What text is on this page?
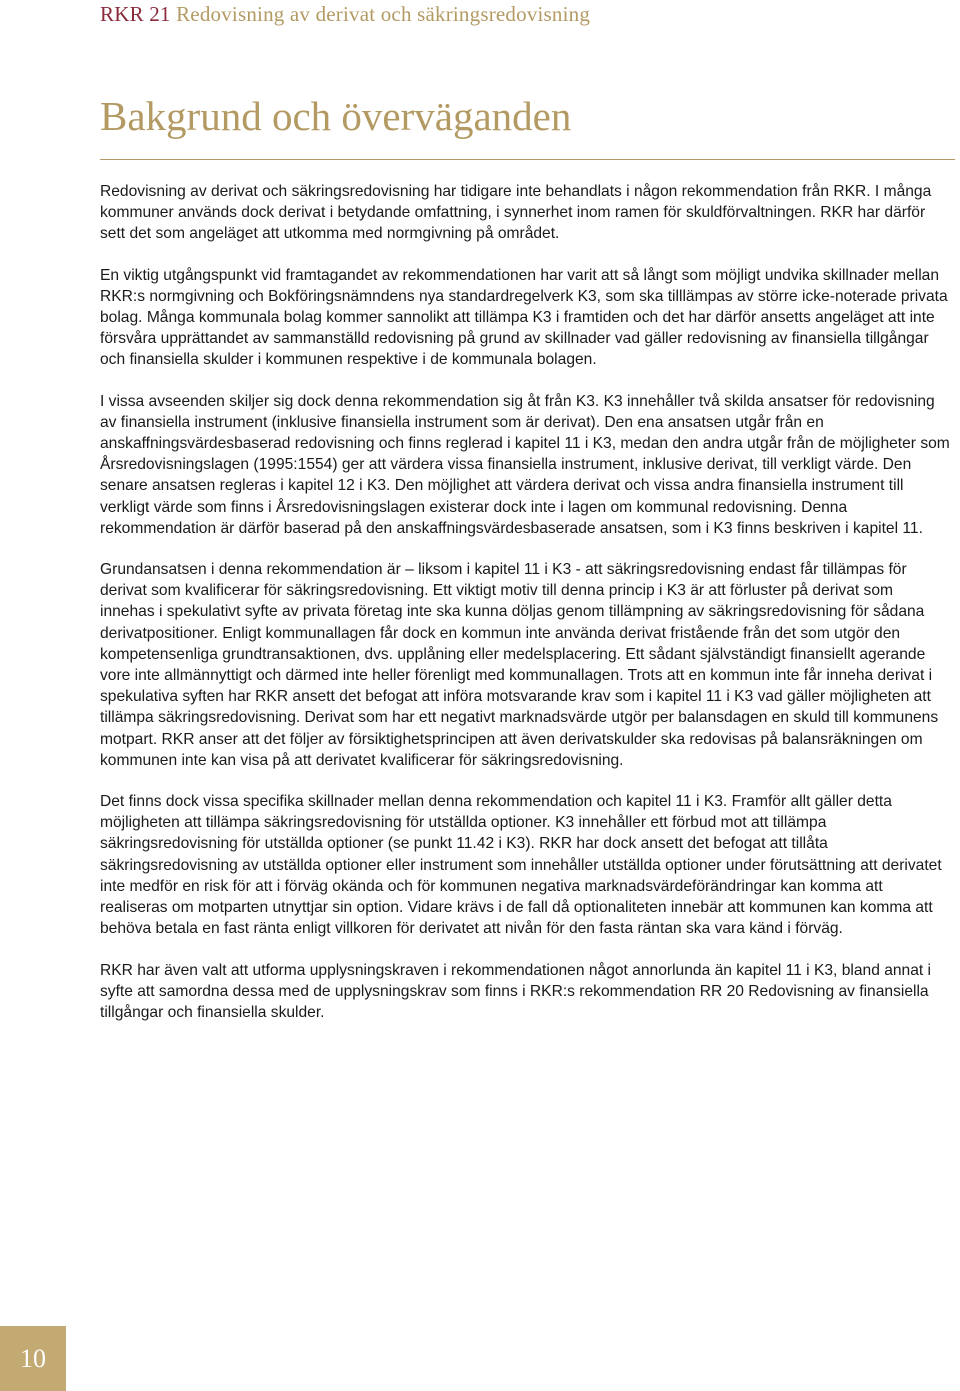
RKR 21 Redovisning av derivat och säkringsredovisning
Bakgrund och överväganden

Redovisning av derivat och säkringsredovisning har tidigare inte behandlats i någon rekommendation från RKR. I många kommuner används dock derivat i betydande omfattning, i synnerhet inom ramen för skuldförvaltningen. RKR har därför sett det som angeläget att utkomma med normgivning på området.

En viktig utgångspunkt vid framtagandet av rekommendationen har varit att så långt som möjligt undvika skillnader mellan RKR:s normgivning och Bokföringsnämndens nya standardregelverk K3, som ska tilllämpas av större icke-noterade privata bolag. Många kommunala bolag kommer sannolikt att tillämpa K3 i framtiden och det har därför ansetts angeläget att inte försvåra upprättandet av sammanställd redovisning på grund av skillnader vad gäller redovisning av finansiella tillgångar och finansiella skulder i kommunen respektive i de kommunala bolagen.

I vissa avseenden skiljer sig dock denna rekommendation sig åt från K3. K3 innehåller två skilda ansatser för redovisning av finansiella instrument (inklusive finansiella instrument som är derivat). Den ena ansatsen utgår från en anskaffningsvärdesbaserad redovisning och finns reglerad i kapitel 11 i K3, medan den andra utgår från de möjligheter som Årsredovisningslagen (1995:1554) ger att värdera vissa finansiella instrument, inklusive derivat, till verkligt värde. Den senare ansatsen regleras i kapitel 12 i K3. Den möjlighet att värdera derivat och vissa andra finansiella instrument till verkligt värde som finns i Årsredovisningslagen existerar dock inte i lagen om kommunal redovisning. Denna rekommendation är därför baserad på den anskaffningsvärdesbaserade ansatsen, som i K3 finns beskriven i kapitel 11.

Grundansatsen i denna rekommendation är – liksom i kapitel 11 i K3 - att säkringsredovisning endast får tillämpas för derivat som kvalificerar för säkringsredovisning. Ett viktigt motiv till denna princip i K3 är att förluster på derivat som innehas i spekulativt syfte av privata företag inte ska kunna döljas genom tillämpning av säkringsredovisning för sådana derivatpositioner. Enligt kommunallagen får dock en kommun inte använda derivat fristående från det som utgör den kompetensenliga grundtransaktionen, dvs. upplåning eller medelsplacering. Ett sådant självständigt finansiellt agerande vore inte allmännyttigt och därmed inte heller förenligt med kommunallagen. Trots att en kommun inte får inneha derivat i spekulativa syften har RKR ansett det befogat att införa motsvarande krav som i kapitel 11 i K3 vad gäller möjligheten att tillämpa säkringsredovisning. Derivat som har ett negativt marknadsvärde utgör per balansdagen en skuld till kommunens motpart. RKR anser att det följer av försiktighetsprincipen att även derivatskulder ska redovisas på balansräkningen om kommunen inte kan visa på att derivatet kvalificerar för säkringsredovisning.

Det finns dock vissa specifika skillnader mellan denna rekommendation och kapitel 11 i K3. Framför allt gäller detta möjligheten att tillämpa säkringsredovisning för utställda optioner. K3 innehåller ett förbud mot att tillämpa säkringsredovisning för utställda optioner (se punkt 11.42 i K3). RKR har dock ansett det befogat att tillåta säkringsredovisning av utställda optioner eller instrument som innehåller utställda optioner under förutsättning att derivatet inte medför en risk för att i förväg okända och för kommunen negativa marknadsvärdeförändringar kan komma att realiseras om motparten utnyttjar sin option. Vidare krävs i de fall då optionaliteten innebär att kommunen kan komma att behöva betala en fast ränta enligt villkoren för derivatet att nivån för den fasta räntan ska vara känd i förväg.

RKR har även valt att utforma upplysningskraven i rekommendationen något annorlunda än kapitel 11 i K3, bland annat i syfte att samordna dessa med de upplysningskrav som finns i RKR:s rekommendation RR 20 Redovisning av finansiella tillgångar och finansiella skulder.

10
